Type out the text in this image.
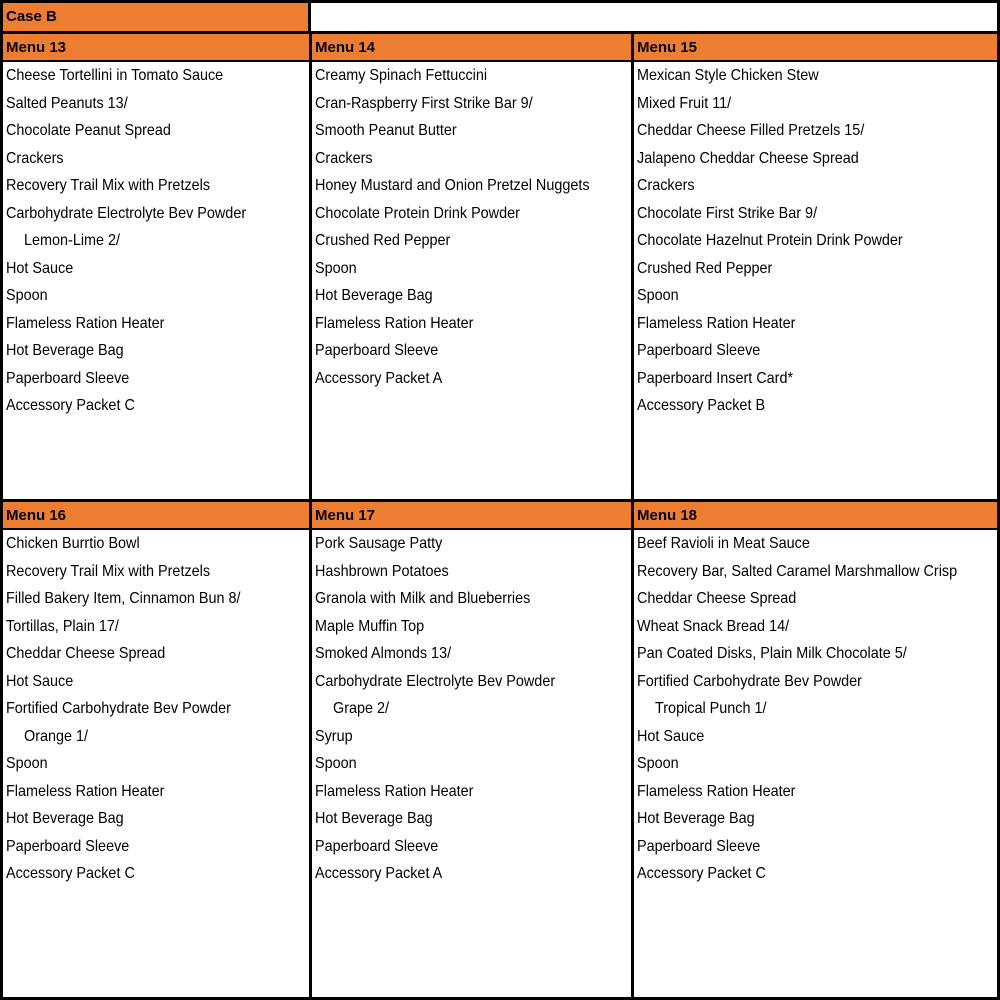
Case B
Menu 13
Cheese Tortellini in Tomato Sauce
Salted Peanuts 13/
Chocolate Peanut Spread
Crackers
Recovery Trail Mix with Pretzels
Carbohydrate Electrolyte Bev Powder
Lemon-Lime 2/
Hot Sauce
Spoon
Flameless Ration Heater
Hot Beverage Bag
Paperboard Sleeve
Accessory Packet C
Menu 14
Creamy Spinach Fettuccini
Cran-Raspberry First Strike Bar 9/
Smooth Peanut Butter
Crackers
Honey Mustard and Onion Pretzel Nuggets
Chocolate Protein Drink Powder
Crushed Red Pepper
Spoon
Hot Beverage Bag
Flameless Ration Heater
Paperboard Sleeve
Accessory Packet A
Menu 15
Mexican Style Chicken Stew
Mixed Fruit 11/
Cheddar Cheese Filled Pretzels 15/
Jalapeno Cheddar Cheese Spread
Crackers
Chocolate First Strike Bar 9/
Chocolate Hazelnut Protein Drink Powder
Crushed Red Pepper
Spoon
Flameless Ration Heater
Paperboard Sleeve
Paperboard Insert Card*
Accessory Packet B
Menu 16
Chicken Burrtio Bowl
Recovery Trail Mix with Pretzels
Filled Bakery Item, Cinnamon Bun 8/
Tortillas, Plain 17/
Cheddar Cheese Spread
Hot Sauce
Fortified Carbohydrate Bev Powder
Orange 1/
Spoon
Flameless Ration Heater
Hot Beverage Bag
Paperboard Sleeve
Accessory Packet C
Menu 17
Pork Sausage Patty
Hashbrown Potatoes
Granola with Milk and Blueberries
Maple Muffin Top
Smoked Almonds 13/
Carbohydrate Electrolyte Bev Powder
Grape 2/
Syrup
Spoon
Flameless Ration Heater
Hot Beverage Bag
Paperboard Sleeve
Accessory Packet A
Menu 18
Beef Ravioli in Meat Sauce
Recovery Bar, Salted Caramel Marshmallow Crisp
Cheddar Cheese Spread
Wheat Snack Bread 14/
Pan Coated Disks, Plain Milk Chocolate 5/
Fortified Carbohydrate Bev Powder
Tropical Punch 1/
Hot Sauce
Spoon
Flameless Ration Heater
Hot Beverage Bag
Paperboard Sleeve
Accessory Packet C
